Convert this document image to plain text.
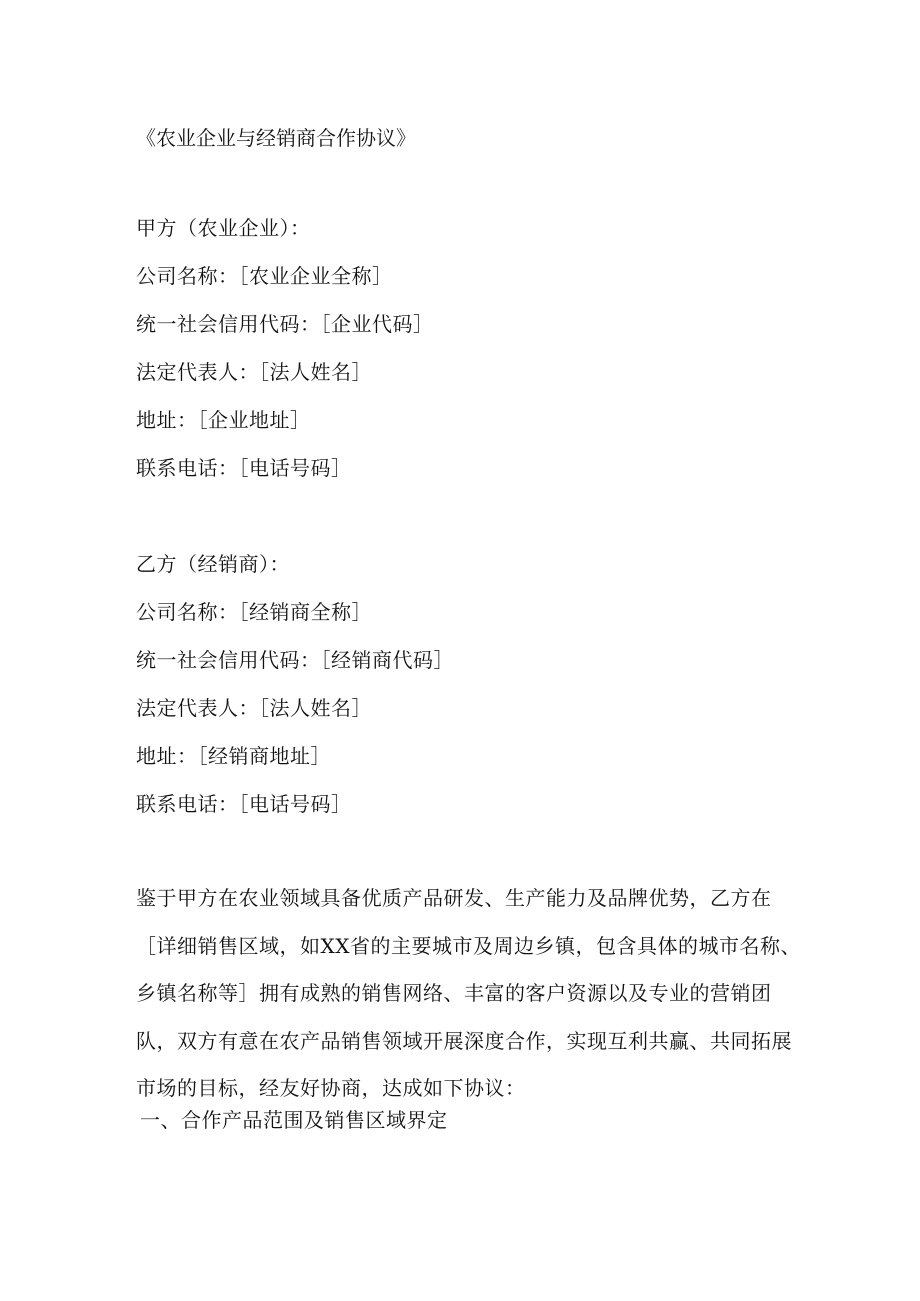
《农业企业与经销商合作协议》
甲方（农业企业）：
公司名称：［农业企业全称］
统一社会信用代码：［企业代码］
法定代表人：［法人姓名］
地址：［企业地址］
联系电话：［电话号码］
乙方（经销商）：
公司名称：［经销商全称］
统一社会信用代码：［经销商代码］
法定代表人：［法人姓名］
地址：［经销商地址］
联系电话：［电话号码］
鉴于甲方在农业领域具备优质产品研发、生产能力及品牌优势，乙方在
［详细销售区域，如XX省的主要城市及周边乡镇，包含具体的城市名称、
乡镇名称等］拥有成熟的销售网络、丰富的客户资源以及专业的营销团
队，双方有意在农产品销售领域开展深度合作，实现互利共赢、共同拓展
市场的目标，经友好协商，达成如下协议：
一、合作产品范围及销售区域界定
